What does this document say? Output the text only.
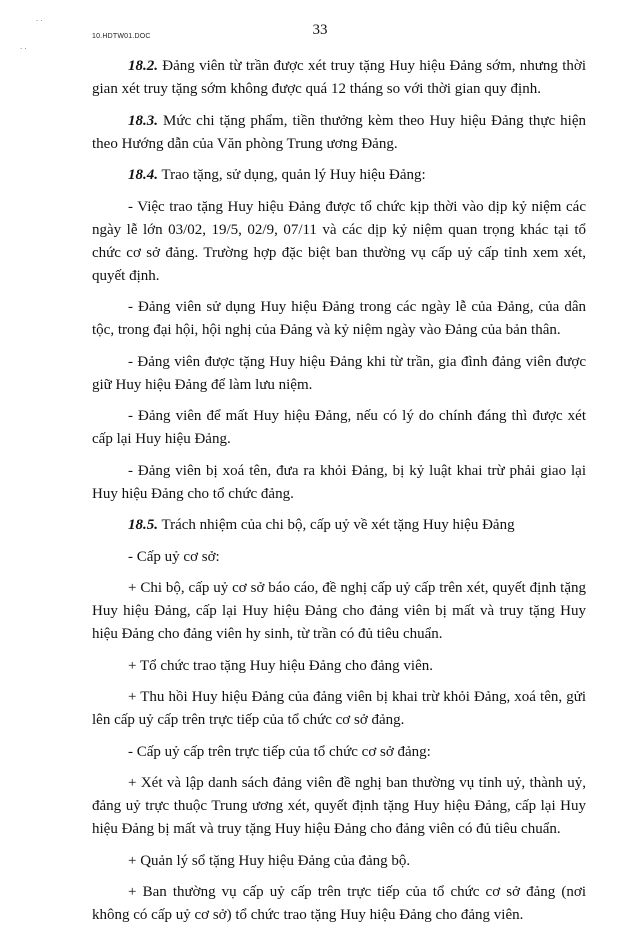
. .
. .
10.HDTW01.DOC	33

18.2. Đảng viên từ trần được xét truy tặng Huy hiệu Đảng sớm, nhưng thời gian xét truy tặng sớm không được quá 12 tháng so với thời gian quy định.

18.3. Mức chi tặng phẩm, tiền thưởng kèm theo Huy hiệu Đảng thực hiện theo Hướng dẫn của Văn phòng Trung ương Đảng.

18.4. Trao tặng, sử dụng, quản lý Huy hiệu Đảng:

- Việc trao tặng Huy hiệu Đảng được tổ chức kịp thời vào dịp kỷ niệm các ngày lễ lớn 03/02, 19/5, 02/9, 07/11 và các dịp kỷ niệm quan trọng khác tại tổ chức cơ sở đảng. Trường hợp đặc biệt ban thường vụ cấp uỷ cấp tỉnh xem xét, quyết định.

- Đảng viên sử dụng Huy hiệu Đảng trong các ngày lễ của Đảng, của dân tộc, trong đại hội, hội nghị của Đảng và kỷ niệm ngày vào Đảng của bản thân.

- Đảng viên được tặng Huy hiệu Đảng khi từ trần, gia đình đảng viên được giữ Huy hiệu Đảng để làm lưu niệm.

- Đảng viên để mất Huy hiệu Đảng, nếu có lý do chính đáng thì được xét cấp lại Huy hiệu Đảng.

- Đảng viên bị xoá tên, đưa ra khỏi Đảng, bị kỷ luật khai trừ phải giao lại Huy hiệu Đảng cho tổ chức đảng.

18.5. Trách nhiệm của chi bộ, cấp uỷ về xét tặng Huy hiệu Đảng

- Cấp uỷ cơ sở:

+ Chi bộ, cấp uỷ cơ sở báo cáo, đề nghị cấp uỷ cấp trên xét, quyết định tặng Huy hiệu Đảng, cấp lại Huy hiệu Đảng cho đảng viên bị mất và truy tặng Huy hiệu Đảng cho đảng viên hy sinh, từ trần có đủ tiêu chuẩn.

+ Tổ chức trao tặng Huy hiệu Đảng cho đảng viên.

+ Thu hồi Huy hiệu Đảng của đảng viên bị khai trừ khỏi Đảng, xoá tên, gửi lên cấp uỷ cấp trên trực tiếp của tổ chức cơ sở đảng.

- Cấp uỷ cấp trên trực tiếp của tổ chức cơ sở đảng:

+ Xét và lập danh sách đảng viên đề nghị ban thường vụ tỉnh uỷ, thành uỷ, đảng uỷ trực thuộc Trung ương xét, quyết định tặng Huy hiệu Đảng, cấp lại Huy hiệu Đảng bị mất và truy tặng Huy hiệu Đảng cho đảng viên có đủ tiêu chuẩn.

+ Quản lý sổ tặng Huy hiệu Đảng của đảng bộ.

+ Ban thường vụ cấp uỷ cấp trên trực tiếp của tổ chức cơ sở đảng (nơi không có cấp uỷ cơ sở) tổ chức trao tặng Huy hiệu Đảng cho đảng viên.
